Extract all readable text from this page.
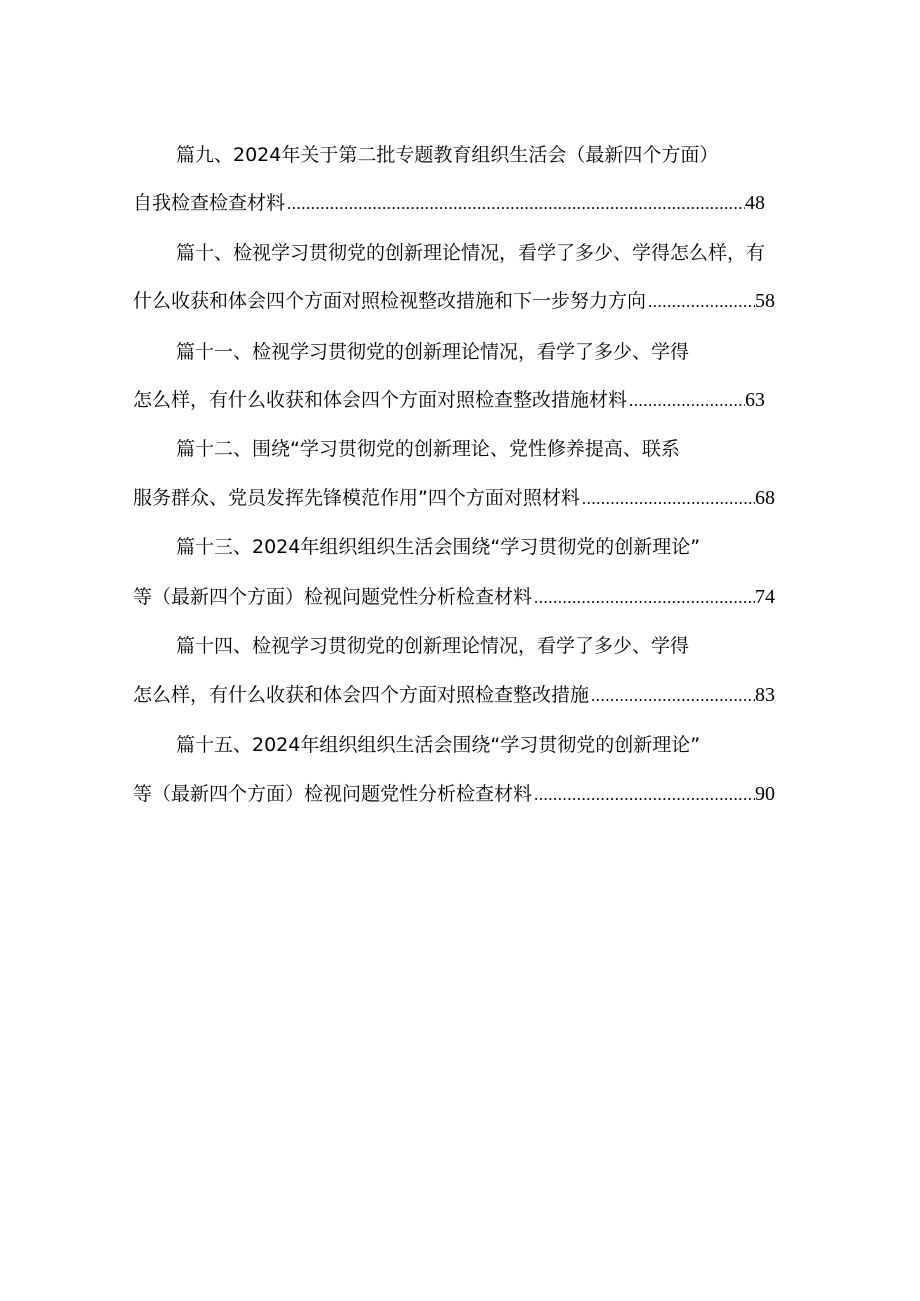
篇九、2024年关于第二批专题教育组织生活会（最新四个方面）
自我检查检查材料 .....	48
篇十、检视学习贯彻党的创新理论情况，看学了多少、学得怎么样，有
什么收获和体会四个方面对照检视整改措施和下一步努力方向 .....	58
篇十一、检视学习贯彻党的创新理论情况，看学了多少、学得
怎么样，有什么收获和体会四个方面对照检查整改措施材料 .....	63
篇十二、围绕“学习贯彻党的创新理论、党性修养提高、联系
服务群众、党员发挥先锋模范作用”四个方面对照材料 .....	68
篇十三、2024年组织组织生活会围绕“学习贯彻党的创新理论”
等（最新四个方面）检视问题党性分析检查材料 .....	74
篇十四、检视学习贯彻党的创新理论情况，看学了多少、学得
怎么样，有什么收获和体会四个方面对照检查整改措施 .....	83
篇十五、2024年组织组织生活会围绕“学习贯彻党的创新理论”
等（最新四个方面）检视问题党性分析检查材料 .....	90
